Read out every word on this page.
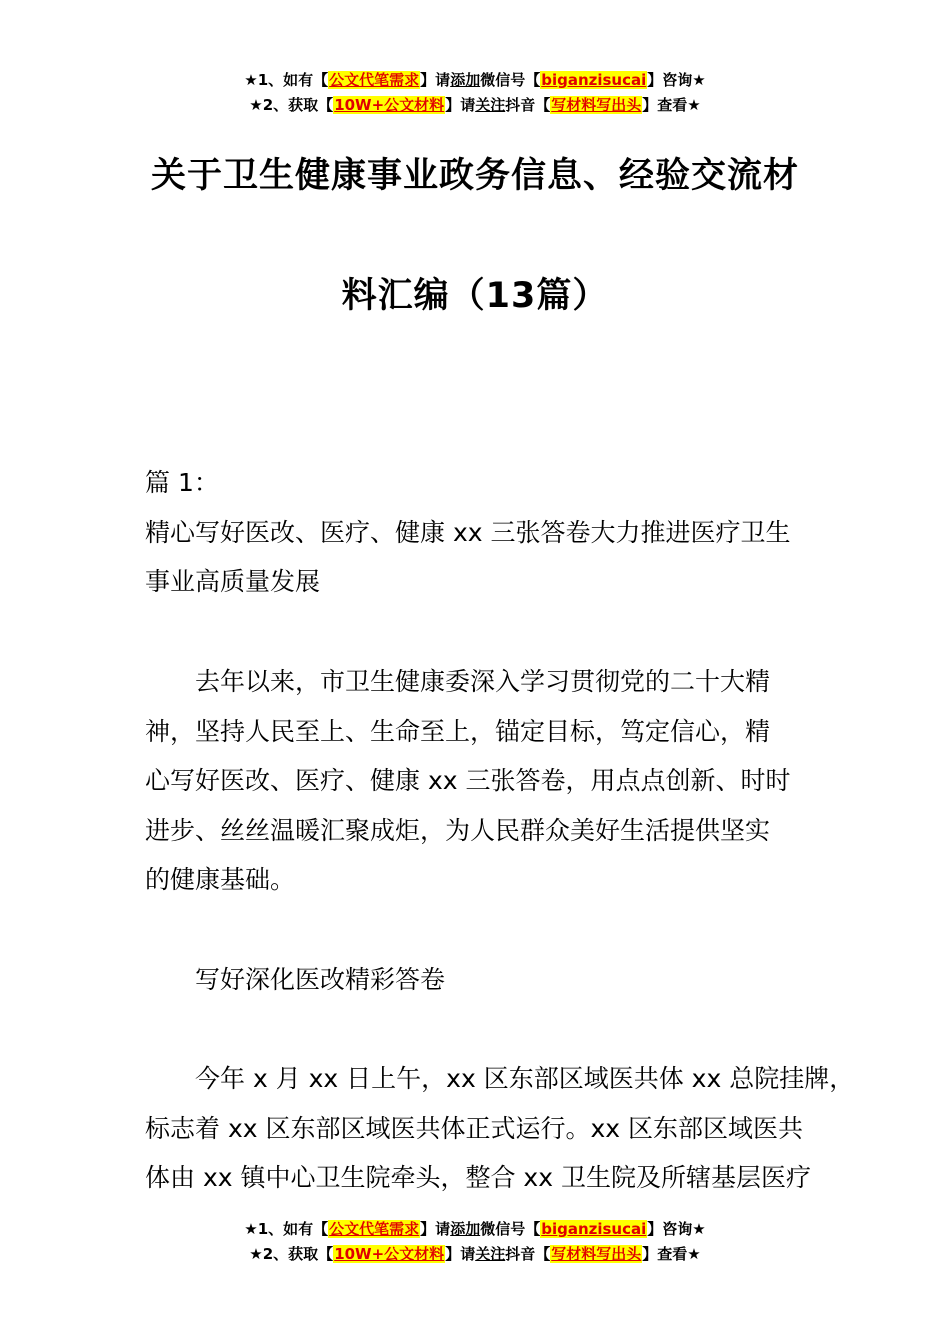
★1、如有【公文代笔需求】请添加微信号【biganzisucai】咨询★
★2、获取【10W+公文材料】请关注抖音【写材料写出头】查看★
关于卫生健康事业政务信息、经验交流材
料汇编（13篇）
篇 1：
精心写好医改、医疗、健康 xx 三张答卷大力推进医疗卫生
事业高质量发展
去年以来，市卫生健康委深入学习贯彻党的二十大精
神，坚持人民至上、生命至上，锚定目标，笃定信心，精
心写好医改、医疗、健康 xx 三张答卷，用点点创新、时时
进步、丝丝温暖汇聚成炬，为人民群众美好生活提供坚实
的健康基础。
写好深化医改精彩答卷
今年 x 月 xx 日上午，xx 区东部区域医共体 xx 总院挂牌，
标志着 xx 区东部区域医共体正式运行。xx 区东部区域医共
体由 xx 镇中心卫生院牵头，整合 xx 卫生院及所辖基层医疗
★1、如有【公文代笔需求】请添加微信号【biganzisucai】咨询★
★2、获取【10W+公文材料】请关注抖音【写材料写出头】查看★
